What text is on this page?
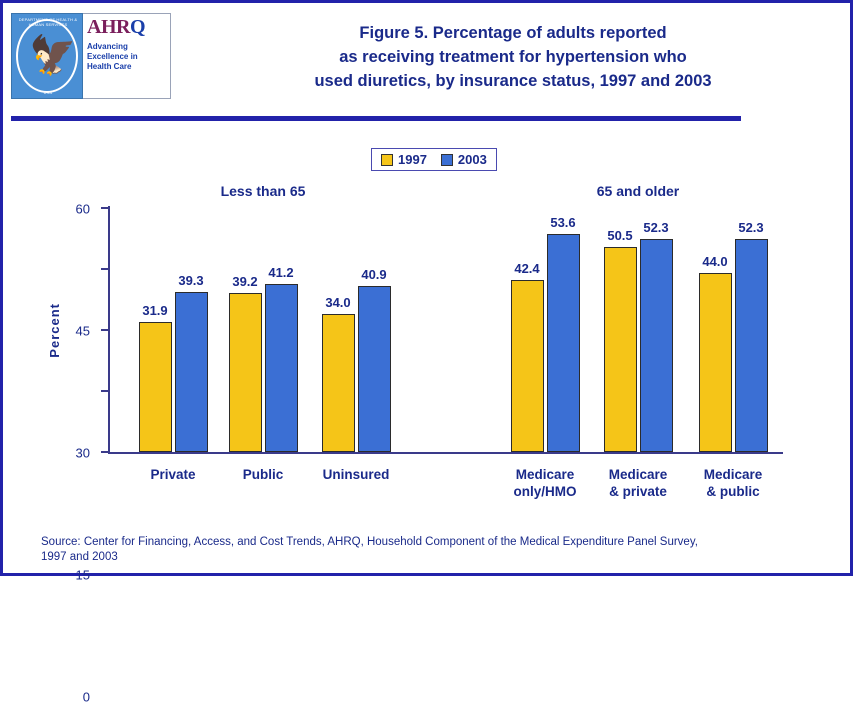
DEPARTMENT OF HEALTH & HUMAN SERVICES
🦅
USA
AHRQ
Advancing
Excellence in
Health Care
Figure 5. Percentage of adults reported
as receiving treatment for hypertension who
used diuretics, by insurance status, 1997 and 2003
1997 2003
Less than 65	65 and older
Percent
0
15
30
45
60
31.9
39.3	39.2
41.2
34.0
40.9	42.4
53.6
50.5 52.3
44.0
52.3
Private	Public	Uninsured	Medicare
only/HMO
Medicare
& private
Medicare
& public
Source: Center for Financing, Access, and Cost Trends, AHRQ, Household Component of the Medical Expenditure Panel Survey,
1997 and 2003
